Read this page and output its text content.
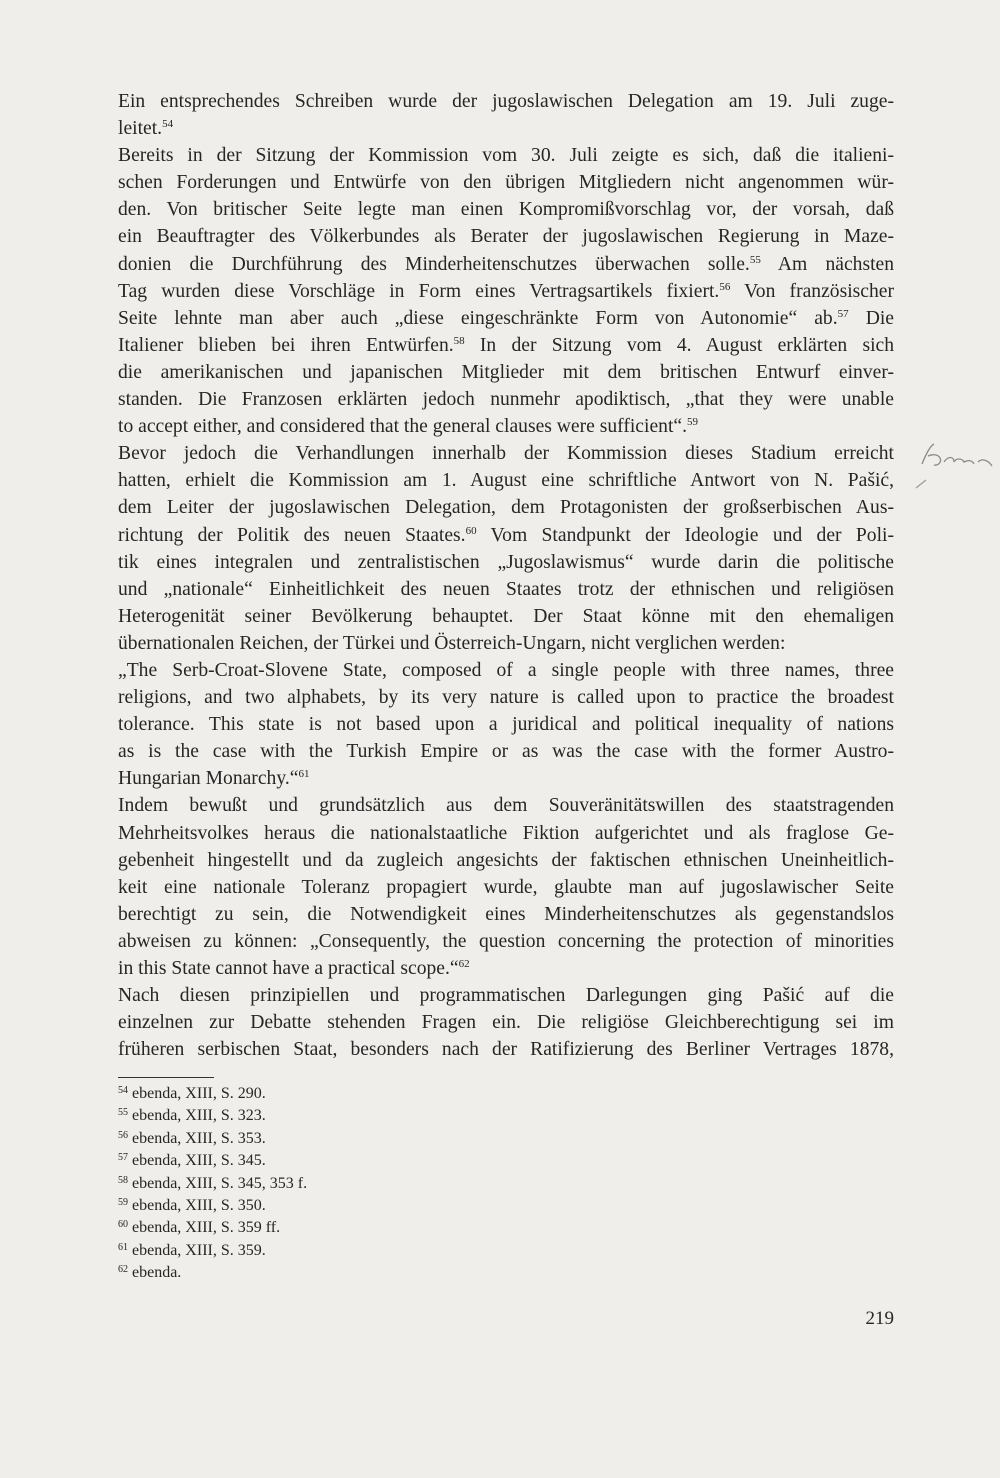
Ein entsprechendes Schreiben wurde der jugoslawischen Delegation am 19. Juli zuge-
leitet.$^{54}$
Bereits in der Sitzung der Kommission vom 30. Juli zeigte es sich, daß die italieni-
schen Forderungen und Entwürfe von den übrigen Mitgliedern nicht angenommen wür-
den. Von britischer Seite legte man einen Kompromißvorschlag vor, der vorsah, daß
ein Beauftragter des Völkerbundes als Berater der jugoslawischen Regierung in Maze-
donien die Durchführung des Minderheitenschutzes überwachen solle.$^{55}$ Am nächsten
Tag wurden diese Vorschläge in Form eines Vertragsartikels fixiert.$^{56}$ Von französischer
Seite lehnte man aber auch „diese eingeschränkte Form von Autonomie“ ab.$^{57}$ Die
Italiener blieben bei ihren Entwürfen.$^{58}$ In der Sitzung vom 4. August erklärten sich
die amerikanischen und japanischen Mitglieder mit dem britischen Entwurf einver-
standen. Die Franzosen erklärten jedoch nunmehr apodiktisch, „that they were unable
to accept either, and considered that the general clauses were sufficient“.$^{59}$
Bevor jedoch die Verhandlungen innerhalb der Kommission dieses Stadium erreicht
hatten, erhielt die Kommission am 1. August eine schriftliche Antwort von N. Pašić,
dem Leiter der jugoslawischen Delegation, dem Protagonisten der großserbischen Aus-
richtung der Politik des neuen Staates.$^{60}$ Vom Standpunkt der Ideologie und der Poli-
tik eines integralen und zentralistischen „Jugoslawismus“ wurde darin die politische
und „nationale“ Einheitlichkeit des neuen Staates trotz der ethnischen und religiösen
Heterogenität seiner Bevölkerung behauptet. Der Staat könne mit den ehemaligen
übernationalen Reichen, der Türkei und Österreich-Ungarn, nicht verglichen werden:
„The Serb-Croat-Slovene State, composed of a single people with three names, three
religions, and two alphabets, by its very nature is called upon to practice the broadest
tolerance. This state is not based upon a juridical and political inequality of nations
as is the case with the Turkish Empire or as was the case with the former Austro-
Hungarian Monarchy.“$^{61}$
Indem bewußt und grundsätzlich aus dem Souveränitätswillen des staatstragenden
Mehrheitsvolkes heraus die nationalstaatliche Fiktion aufgerichtet und als fraglose Ge-
gebenheit hingestellt und da zugleich angesichts der faktischen ethnischen Uneinheitlich-
keit eine nationale Toleranz propagiert wurde, glaubte man auf jugoslawischer Seite
berechtigt zu sein, die Notwendigkeit eines Minderheitenschutzes als gegenstandslos
abweisen zu können: „Consequently, the question concerning the protection of minorities
in this State cannot have a practical scope.“$^{62}$
Nach diesen prinzipiellen und programmatischen Darlegungen ging Pašić auf die
einzelnen zur Debatte stehenden Fragen ein. Die religiöse Gleichberechtigung sei im
früheren serbischen Staat, besonders nach der Ratifizierung des Berliner Vertrages 1878,
$^{54}$ ebenda, XIII, S. 290.
$^{55}$ ebenda, XIII, S. 323.
$^{56}$ ebenda, XIII, S. 353.
$^{57}$ ebenda, XIII, S. 345.
$^{58}$ ebenda, XIII, S. 345, 353 f.
$^{59}$ ebenda, XIII, S. 350.
$^{60}$ ebenda, XIII, S. 359 ff.
$^{61}$ ebenda, XIII, S. 359.
$^{62}$ ebenda.
219
